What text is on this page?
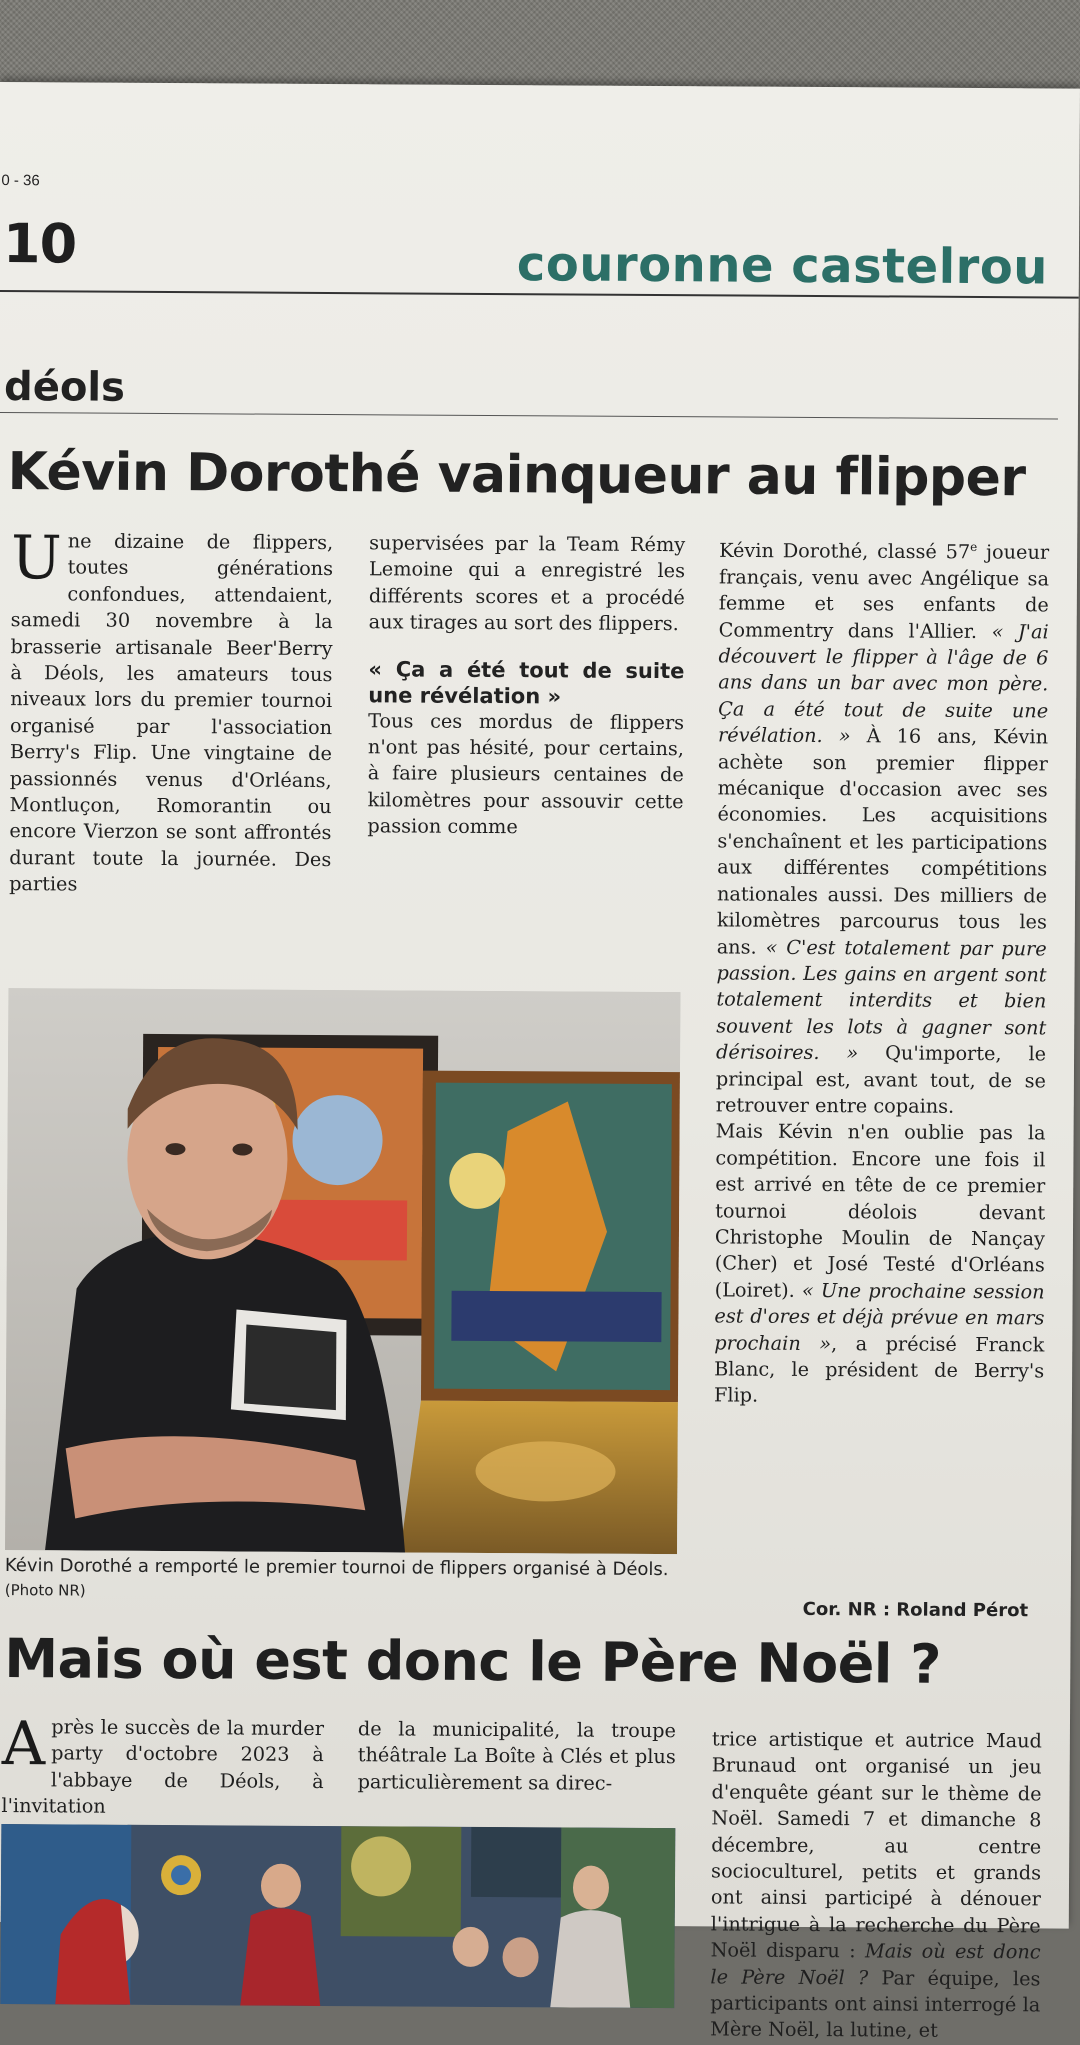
0 - 36
10	couronne castelrou
déols
Kévin Dorothé vainqueur au flipper

Une dizaine de flippers, toutes générations confondues, attendaient, samedi 30 novembre à la brasserie artisanale Beer'Berry à Déols, les amateurs tous niveaux lors du premier tournoi organisé par l'association Berry's Flip. Une vingtaine de passionnés venus d'Orléans, Montluçon, Romorantin ou encore Vierzon se sont affrontés durant toute la journée. Des parties

supervisées par la Team Rémy Lemoine qui a enregistré les différents scores et a procédé aux tirages au sort des flippers.

« Ça a été tout de suite une révélation »

Tous ces mordus de flippers n'ont pas hésité, pour certains, à faire plusieurs centaines de kilomètres pour assouvir cette passion comme

Kévin Dorothé, classé 57e joueur français, venu avec Angélique sa femme et ses enfants de Commentry dans l'Allier. « J'ai découvert le flipper à l'âge de 6 ans dans un bar avec mon père. Ça a été tout de suite une révélation. » À 16 ans, Kévin achète son premier flipper mécanique d'occasion avec ses économies. Les acquisitions s'enchaînent et les participations aux différentes compétitions nationales aussi. Des milliers de kilomètres parcourus tous les ans. « C'est totalement par pure passion. Les gains en argent sont totalement interdits et bien souvent les lots à gagner sont dérisoires. » Qu'importe, le principal est, avant tout, de se retrouver entre copains.

Mais Kévin n'en oublie pas la compétition. Encore une fois il est arrivé en tête de ce premier tournoi déolois devant Christophe Moulin de Nançay (Cher) et José Testé d'Orléans (Loiret). « Une prochaine session est d'ores et déjà prévue en mars prochain », a précisé Franck Blanc, le président de Berry's Flip.

Kévin Dorothé a remporté le premier tournoi de flippers organisé à Déols. (Photo NR)
Cor. NR : Roland Pérot
Mais où est donc le Père Noël ?

Après le succès de la murder party d'octobre 2023 à l'abbaye de Déols, à l'invitation

de la municipalité, la troupe théâtrale La Boîte à Clés et plus particulièrement sa direc-

trice artistique et autrice Maud Brunaud ont organisé un jeu d'enquête géant sur le thème de Noël. Samedi 7 et dimanche 8 décembre, au centre socioculturel, petits et grands ont ainsi participé à dénouer l'intrigue à la recherche du Père Noël disparu : Mais où est donc le Père Noël ? Par équipe, les participants ont ainsi interrogé la Mère Noël, la lutine, et
